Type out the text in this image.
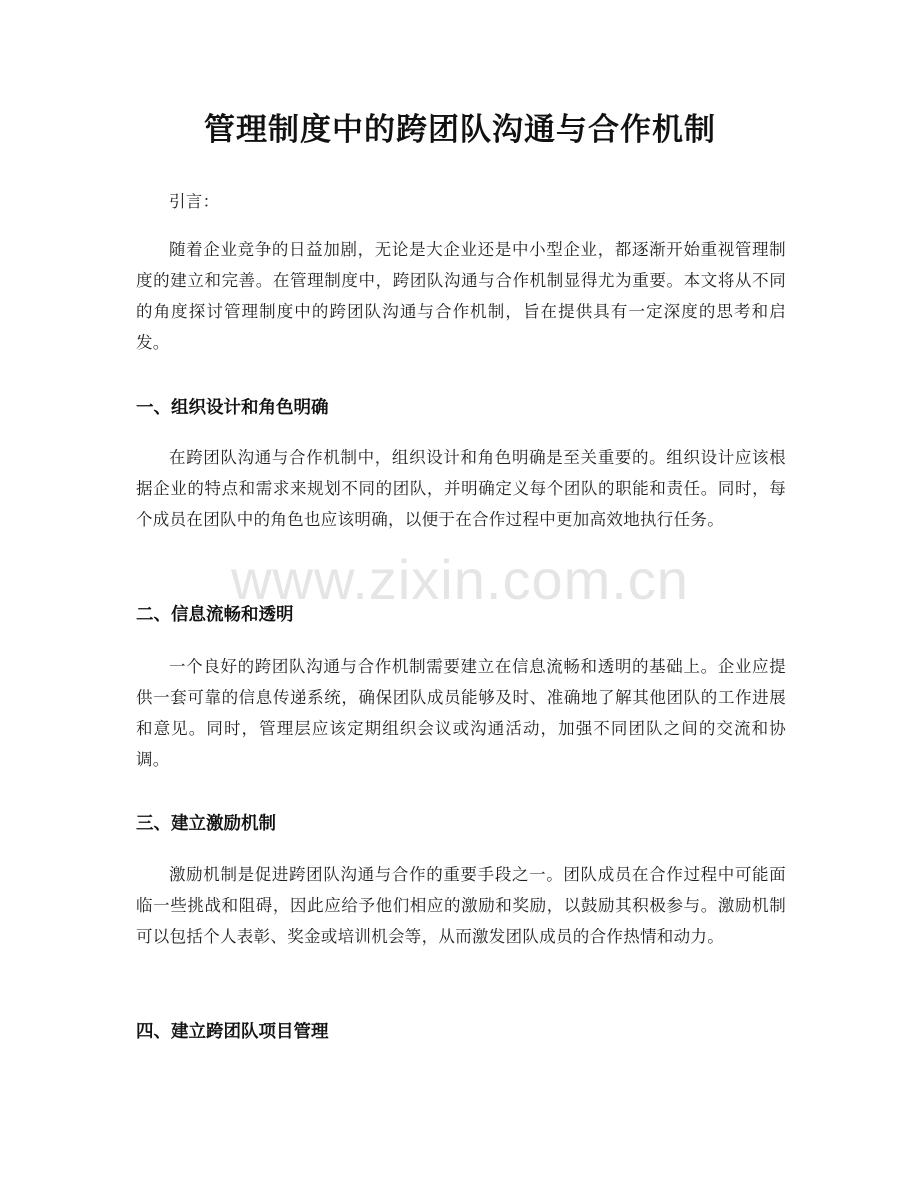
管理制度中的跨团队沟通与合作机制

引言：

随着企业竞争的日益加剧，无论是大企业还是中小型企业，都逐渐开始重视管理制度的建立和完善。在管理制度中，跨团队沟通与合作机制显得尤为重要。本文将从不同的角度探讨管理制度中的跨团队沟通与合作机制，旨在提供具有一定深度的思考和启发。

一、组织设计和角色明确

在跨团队沟通与合作机制中，组织设计和角色明确是至关重要的。组织设计应该根据企业的特点和需求来规划不同的团队，并明确定义每个团队的职能和责任。同时，每个成员在团队中的角色也应该明确，以便于在合作过程中更加高效地执行任务。

二、信息流畅和透明

一个良好的跨团队沟通与合作机制需要建立在信息流畅和透明的基础上。企业应提供一套可靠的信息传递系统，确保团队成员能够及时、准确地了解其他团队的工作进展和意见。同时，管理层应该定期组织会议或沟通活动，加强不同团队之间的交流和协调。

三、建立激励机制

激励机制是促进跨团队沟通与合作的重要手段之一。团队成员在合作过程中可能面临一些挑战和阻碍，因此应给予他们相应的激励和奖励，以鼓励其积极参与。激励机制可以包括个人表彰、奖金或培训机会等，从而激发团队成员的合作热情和动力。

四、建立跨团队项目管理
www.zixin.com.cn
